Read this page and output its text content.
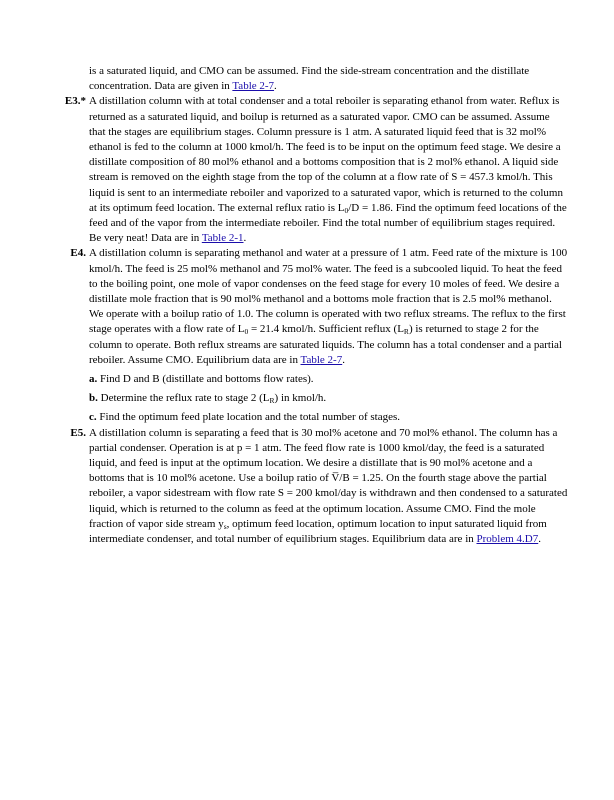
is a saturated liquid, and CMO can be assumed. Find the side-stream concentration and the distillate concentration. Data are given in Table 2-7.
E3.* A distillation column with at total condenser and a total reboiler is separating ethanol from water. Reflux is returned as a saturated liquid, and boilup is returned as a saturated vapor. CMO can be assumed. Assume that the stages are equilibrium stages. Column pressure is 1 atm. A saturated liquid feed that is 32 mol% ethanol is fed to the column at 1000 kmol/h. The feed is to be input on the optimum feed stage. We desire a distillate composition of 80 mol% ethanol and a bottoms composition that is 2 mol% ethanol. A liquid side stream is removed on the eighth stage from the top of the column at a flow rate of S = 457.3 kmol/h. This liquid is sent to an intermediate reboiler and vaporized to a saturated vapor, which is returned to the column at its optimum feed location. The external reflux ratio is $L_0/D = 1.86$. Find the optimum feed locations of the feed and of the vapor from the intermediate reboiler. Find the total number of equilibrium stages required. Be very neat! Data are in Table 2-1.
E4. A distillation column is separating methanol and water at a pressure of 1 atm. Feed rate of the mixture is 100 kmol/h. The feed is 25 mol% methanol and 75 mol% water. The feed is a subcooled liquid. To heat the feed to the boiling point, one mole of vapor condenses on the feed stage for every 10 moles of feed. We desire a distillate mole fraction that is 90 mol% methanol and a bottoms mole fraction that is 2.5 mol% methanol. We operate with a boilup ratio of 1.0. The column is operated with two reflux streams. The reflux to the first stage operates with a flow rate of $L_0 = 21.4$ kmol/h. Sufficient reflux $(L_R)$ is returned to stage 2 for the column to operate. Both reflux streams are saturated liquids. The column has a total condenser and a partial reboiler. Assume CMO. Equilibrium data are in Table 2-7.
a. Find D and B (distillate and bottoms flow rates).
b. Determine the reflux rate to stage 2 $(L_R)$ in kmol/h.
c. Find the optimum feed plate location and the total number of stages.
E5. A distillation column is separating a feed that is 30 mol% acetone and 70 mol% ethanol. The column has a partial condenser. Operation is at p = 1 atm. The feed flow rate is 1000 kmol/day, the feed is a saturated liquid, and feed is input at the optimum location. We desire a distillate that is 90 mol% acetone and a bottoms that is 10 mol% acetone. Use a boilup ratio of V̅/B = 1.25. On the fourth stage above the partial reboiler, a vapor sidestream with flow rate S = 200 kmol/day is withdrawn and then condensed to a saturated liquid, which is returned to the column as feed at the optimum location. Assume CMO. Find the mole fraction of vapor side stream $y_s$, optimum feed location, optimum location to input saturated liquid from intermediate condenser, and total number of equilibrium stages. Equilibrium data are in Problem 4.D7.
